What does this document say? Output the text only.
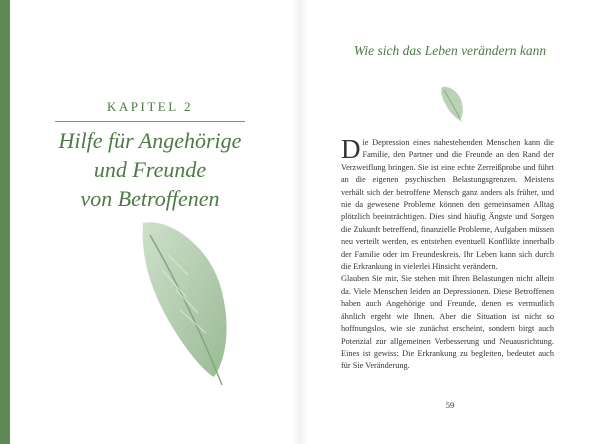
KAPITEL 2
Hilfe für Angehörige
und Freunde
von Betroffenen
Wie sich das Leben verändern kann

Die Depression eines nahestehenden Menschen kann die Familie, den Partner und die Freunde an den Rand der Verzweiflung bringen. Sie ist eine echte Zerreißprobe und führt an die eigenen psychischen Belastungsgrenzen. Meistens verhält sich der betroffene Mensch ganz anders als früher, und nie da gewesene Probleme können den gemeinsamen Alltag plötzlich beeinträchtigen. Dies sind häufig Ängste und Sorgen die Zukunft betreffend, finanzielle Probleme, Aufgaben müssen neu verteilt werden, es entstehen eventuell Konflikte innerhalb der Familie oder im Freundeskreis. Ihr Leben kann sich durch die Erkrankung in vielerlei Hinsicht verändern.

Glauben Sie mir, Sie stehen mit Ihren Belastungen nicht allein da. Viele Menschen leiden an Depressionen. Diese Betroffenen haben auch Angehörige und Freunde, denen es vermutlich ähnlich ergeht wie Ihnen. Aber die Situation ist nicht so hoffnungslos, wie sie zunächst erscheint, sondern birgt auch Potenzial zur allgemeinen Verbesserung und Neuausrichtung. Eines ist gewiss: Die Erkrankung zu begleiten, bedeutet auch für Sie Veränderung.

59
